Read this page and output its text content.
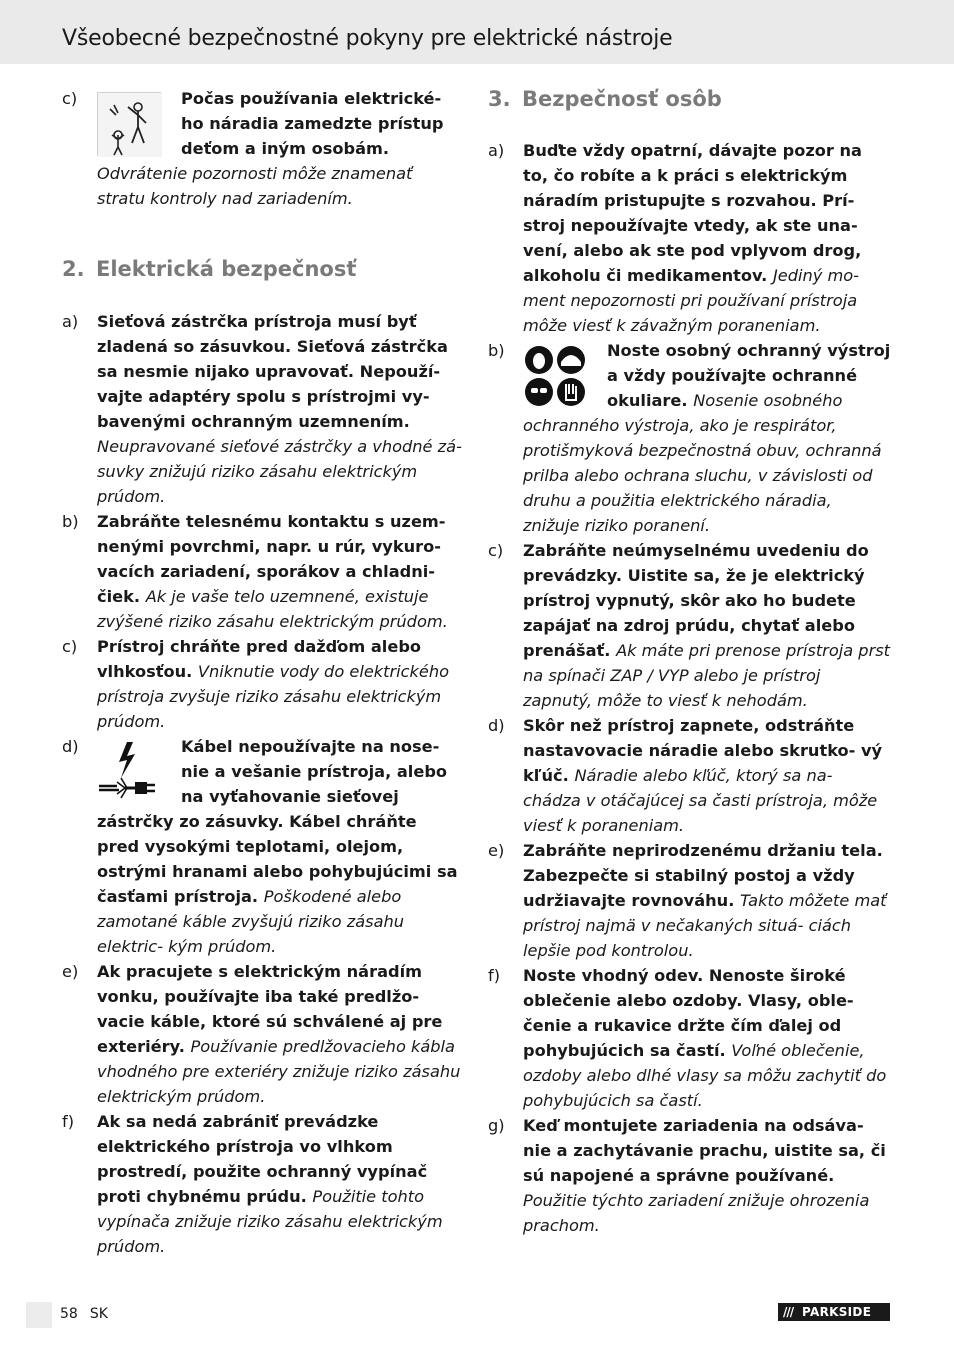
Všeobecné bezpečnostné pokyny pre elektrické nástroje
c)	Počas používania elektrické- ho náradia zamedzte prístup deťom a iným osobám.
Odvrátenie pozornosti môže znamenať stratu kontroly nad zariadením.
2. Elektrická bezpečnosť
a) Sieťová zástrčka prístroja musí byť zladená so zásuvkou. Sieťová zástrčka sa nesmie nijako upravovať. Nepouží- vajte adaptéry spolu s prístrojmi vy- bavenými ochranným uzemnením.
Neupravované sieťové zástrčky a vhodné zá- suvky znižujú riziko zásahu elektrickým prúdom.
b) Zabráňte telesnému kontaktu s uzem- nenými povrchmi, napr. u rúr, vykuro- vacích zariadení, sporákov a chladni- čiek. Ak je vaše telo uzemnené, existuje zvýšené riziko zásahu elektrickým prúdom.
c) Prístroj chráňte pred dažďom alebo vlhkosťou. Vniknutie vody do elektrického prístroja zvyšuje riziko zásahu elektrickým prúdom.
d)	Kábel nepoužívajte na nose- nie a vešanie prístroja, alebo na vyťahovanie sieťovej zástrčky zo zásuvky. Kábel chráňte pred vysokými teplotami, olejom, ostrými hranami alebo pohybujúcimi sa časťami prístroja. Poškodené alebo zamotané káble zvyšujú riziko zásahu elektric- kým prúdom.
e) Ak pracujete s elektrickým náradím vonku, používajte iba také predlžo- vacie káble, ktoré sú schválené aj pre exteriéry. Používanie predlžovacieho kábla vhodného pre exteriéry znižuje riziko zásahu elektrickým prúdom.
f) Ak sa nedá zabrániť prevádzke elektrického prístroja vo vlhkom prostredí, použite ochranný vypínač proti chybnému prúdu. Použitie tohto vypínača znižuje riziko zásahu elektrickým prúdom.
3. Bezpečnosť osôb
a) Buďte vždy opatrní, dávajte pozor na to, čo robíte a k práci s elektrickým náradím pristupujte s rozvahou. Prí- stroj nepoužívajte vtedy, ak ste una- vení, alebo ak ste pod vplyvom drog, alkoholu či medikamentov. Jediný mo- ment nepozornosti pri používaní prístroja môže viesť k závažným poraneniam.
b)	Noste osobný ochranný výstroj a vždy používajte ochranné okuliare. Nosenie osobného ochranného výstroja, ako je respirátor, protišmyková bezpečnostná obuv, ochranná prilba alebo ochrana sluchu, v závislosti od druhu a použitia elektrického náradia, znižuje riziko poranení.
c) Zabráňte neúmyselnému uvedeniu do prevádzky. Uistite sa, že je elektrický prístroj vypnutý, skôr ako ho budete zapájať na zdroj prúdu, chytať alebo prenášať. Ak máte pri prenose prístroja prst na spínači ZAP / VYP alebo je prístroj zapnutý, môže to viesť k nehodám.
d) Skôr než prístroj zapnete, odstráňte nastavovacie náradie alebo skrutko- vý kľúč. Náradie alebo kľúč, ktorý sa na- chádza v otáčajúcej sa časti prístroja, môže viesť k poraneniam.
e) Zabráňte neprirodzenému držaniu tela. Zabezpečte si stabilný postoj a vždy udržiavajte rovnováhu. Takto môžete mať prístroj najmä v nečakaných situá- ciách lepšie pod kontrolou.
f) Noste vhodný odev. Nenoste široké oblečenie alebo ozdoby. Vlasy, oble- čenie a rukavice držte čím ďalej od pohybujúcich sa častí. Voľné oblečenie, ozdoby alebo dlhé vlasy sa môžu zachytiť do pohybujúcich sa častí.
g) Keď montujete zariadenia na odsáva- nie a zachytávanie prachu, uistite sa, či sú napojené a správne používané.
Použitie týchto zariadení znižuje ohrozenia prachom.
58 SK	/// PARKSIDE
